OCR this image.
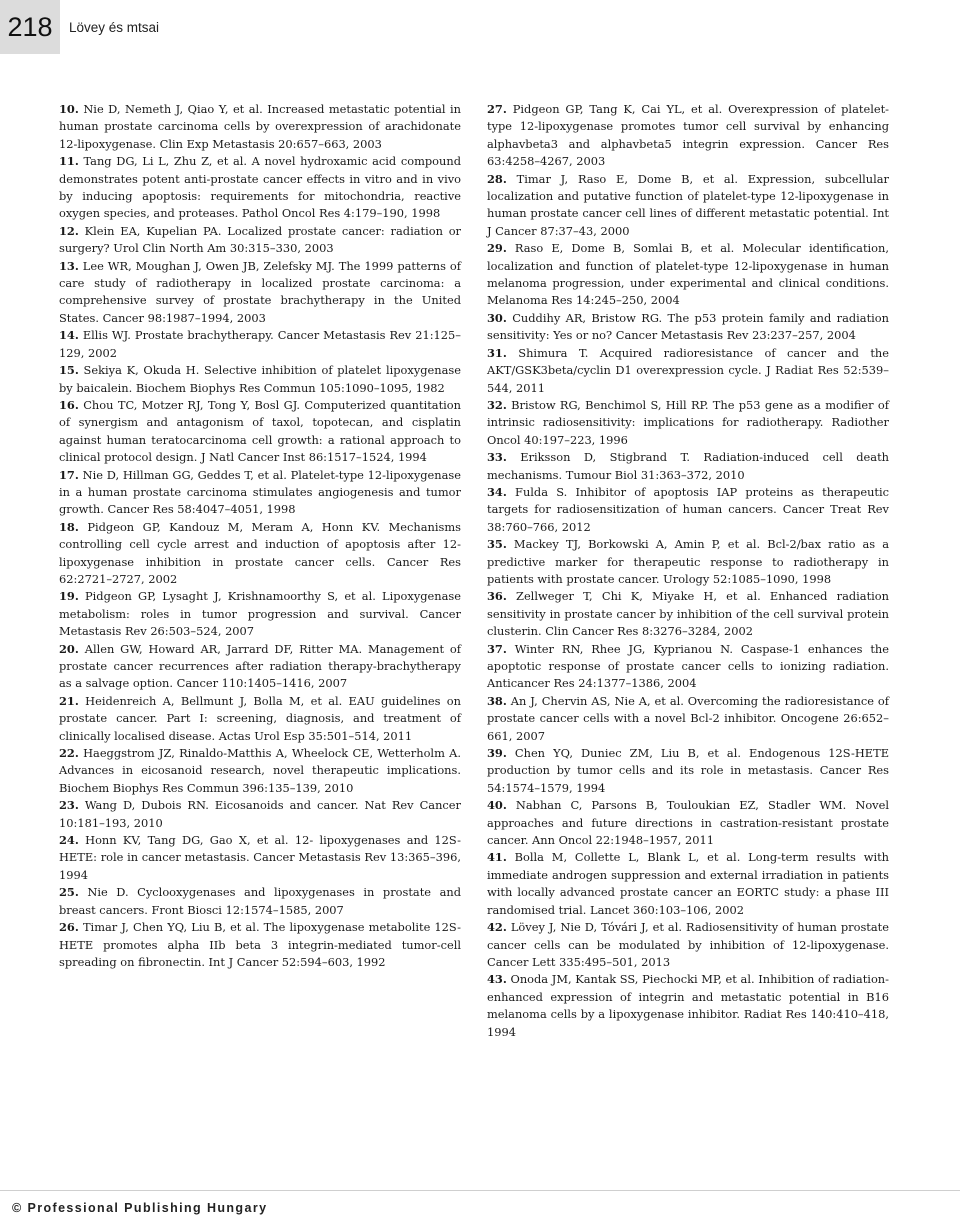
218	Lövey és mtsai

10. Nie D, Nemeth J, Qiao Y, et al. Increased metastatic potential in human prostate carcinoma cells by overexpression of arachidonate 12-lipoxygenase. Clin Exp Metastasis 20:657–663, 2003

11. Tang DG, Li L, Zhu Z, et al. A novel hydroxamic acid compound demonstrates potent anti-prostate cancer effects in vitro and in vivo by inducing apoptosis: requirements for mitochondria, reactive oxygen species, and proteases. Pathol Oncol Res 4:179–190, 1998

12. Klein EA, Kupelian PA. Localized prostate cancer: radiation or surgery? Urol Clin North Am 30:315–330, 2003

13. Lee WR, Moughan J, Owen JB, Zelefsky MJ. The 1999 patterns of care study of radiotherapy in localized prostate carcinoma: a comprehensive survey of prostate brachytherapy in the United States. Cancer 98:1987–1994, 2003

14. Ellis WJ. Prostate brachytherapy. Cancer Metastasis Rev 21:125–129, 2002

15. Sekiya K, Okuda H. Selective inhibition of platelet lipoxygenase by baicalein. Biochem Biophys Res Commun 105:1090–1095, 1982

16. Chou TC, Motzer RJ, Tong Y, Bosl GJ. Computerized quantitation of synergism and antagonism of taxol, topotecan, and cisplatin against human teratocarcinoma cell growth: a rational approach to clinical protocol design. J Natl Cancer Inst 86:1517–1524, 1994

17. Nie D, Hillman GG, Geddes T, et al. Platelet-type 12-lipoxygenase in a human prostate carcinoma stimulates angiogenesis and tumor growth. Cancer Res 58:4047–4051, 1998

18. Pidgeon GP, Kandouz M, Meram A, Honn KV. Mechanisms controlling cell cycle arrest and induction of apoptosis after 12-lipoxygenase inhibition in prostate cancer cells. Cancer Res 62:2721–2727, 2002

19. Pidgeon GP, Lysaght J, Krishnamoorthy S, et al. Lipoxygenase metabolism: roles in tumor progression and survival. Cancer Metastasis Rev 26:503–524, 2007

20. Allen GW, Howard AR, Jarrard DF, Ritter MA. Management of prostate cancer recurrences after radiation therapy-brachytherapy as a salvage option. Cancer 110:1405–1416, 2007

21. Heidenreich A, Bellmunt J, Bolla M, et al. EAU guidelines on prostate cancer. Part I: screening, diagnosis, and treatment of clinically localised disease. Actas Urol Esp 35:501–514, 2011

22. Haeggstrom JZ, Rinaldo-Matthis A, Wheelock CE, Wetterholm A. Advances in eicosanoid research, novel therapeutic implications. Biochem Biophys Res Commun 396:135–139, 2010

23. Wang D, Dubois RN. Eicosanoids and cancer. Nat Rev Cancer 10:181–193, 2010

24. Honn KV, Tang DG, Gao X, et al. 12- lipoxygenases and 12S-HETE: role in cancer metastasis. Cancer Metastasis Rev 13:365–396, 1994

25. Nie D. Cyclooxygenases and lipoxygenases in prostate and breast cancers. Front Biosci 12:1574–1585, 2007

26. Timar J, Chen YQ, Liu B, et al. The lipoxygenase metabolite 12S-HETE promotes alpha IIb beta 3 integrin-mediated tumor-cell spreading on fibronectin. Int J Cancer 52:594–603, 1992

27. Pidgeon GP, Tang K, Cai YL, et al. Overexpression of platelet-type 12-lipoxygenase promotes tumor cell survival by enhancing alphavbeta3 and alphavbeta5 integrin expression. Cancer Res 63:4258–4267, 2003

28. Timar J, Raso E, Dome B, et al. Expression, subcellular localization and putative function of platelet-type 12-lipoxygenase in human prostate cancer cell lines of different metastatic potential. Int J Cancer 87:37–43, 2000

29. Raso E, Dome B, Somlai B, et al. Molecular identification, localization and function of platelet-type 12-lipoxygenase in human melanoma progression, under experimental and clinical conditions. Melanoma Res 14:245–250, 2004

30. Cuddihy AR, Bristow RG. The p53 protein family and radiation sensitivity: Yes or no? Cancer Metastasis Rev 23:237–257, 2004

31. Shimura T. Acquired radioresistance of cancer and the AKT/GSK3beta/cyclin D1 overexpression cycle. J Radiat Res 52:539–544, 2011

32. Bristow RG, Benchimol S, Hill RP. The p53 gene as a modifier of intrinsic radiosensitivity: implications for radiotherapy. Radiother Oncol 40:197–223, 1996

33. Eriksson D, Stigbrand T. Radiation-induced cell death mechanisms. Tumour Biol 31:363–372, 2010

34. Fulda S. Inhibitor of apoptosis IAP proteins as therapeutic targets for radiosensitization of human cancers. Cancer Treat Rev 38:760–766, 2012

35. Mackey TJ, Borkowski A, Amin P, et al. Bcl-2/bax ratio as a predictive marker for therapeutic response to radiotherapy in patients with prostate cancer. Urology 52:1085–1090, 1998

36. Zellweger T, Chi K, Miyake H, et al. Enhanced radiation sensitivity in prostate cancer by inhibition of the cell survival protein clusterin. Clin Cancer Res 8:3276–3284, 2002

37. Winter RN, Rhee JG, Kyprianou N. Caspase-1 enhances the apoptotic response of prostate cancer cells to ionizing radiation. Anticancer Res 24:1377–1386, 2004

38. An J, Chervin AS, Nie A, et al. Overcoming the radioresistance of prostate cancer cells with a novel Bcl-2 inhibitor. Oncogene 26:652–661, 2007

39. Chen YQ, Duniec ZM, Liu B, et al. Endogenous 12S-HETE production by tumor cells and its role in metastasis. Cancer Res 54:1574–1579, 1994

40. Nabhan C, Parsons B, Touloukian EZ, Stadler WM. Novel approaches and future directions in castration-resistant prostate cancer. Ann Oncol 22:1948–1957, 2011

41. Bolla M, Collette L, Blank L, et al. Long-term results with immediate androgen suppression and external irradiation in patients with locally advanced prostate cancer an EORTC study: a phase III randomised trial. Lancet 360:103–106, 2002

42. Lövey J, Nie D, Tóvári J, et al. Radiosensitivity of human prostate cancer cells can be modulated by inhibition of 12-lipoxygenase. Cancer Lett 335:495–501, 2013

43. Onoda JM, Kantak SS, Piechocki MP, et al. Inhibition of radiation-enhanced expression of integrin and metastatic potential in B16 melanoma cells by a lipoxygenase inhibitor. Radiat Res 140:410–418, 1994

© Professional Publishing Hungary
